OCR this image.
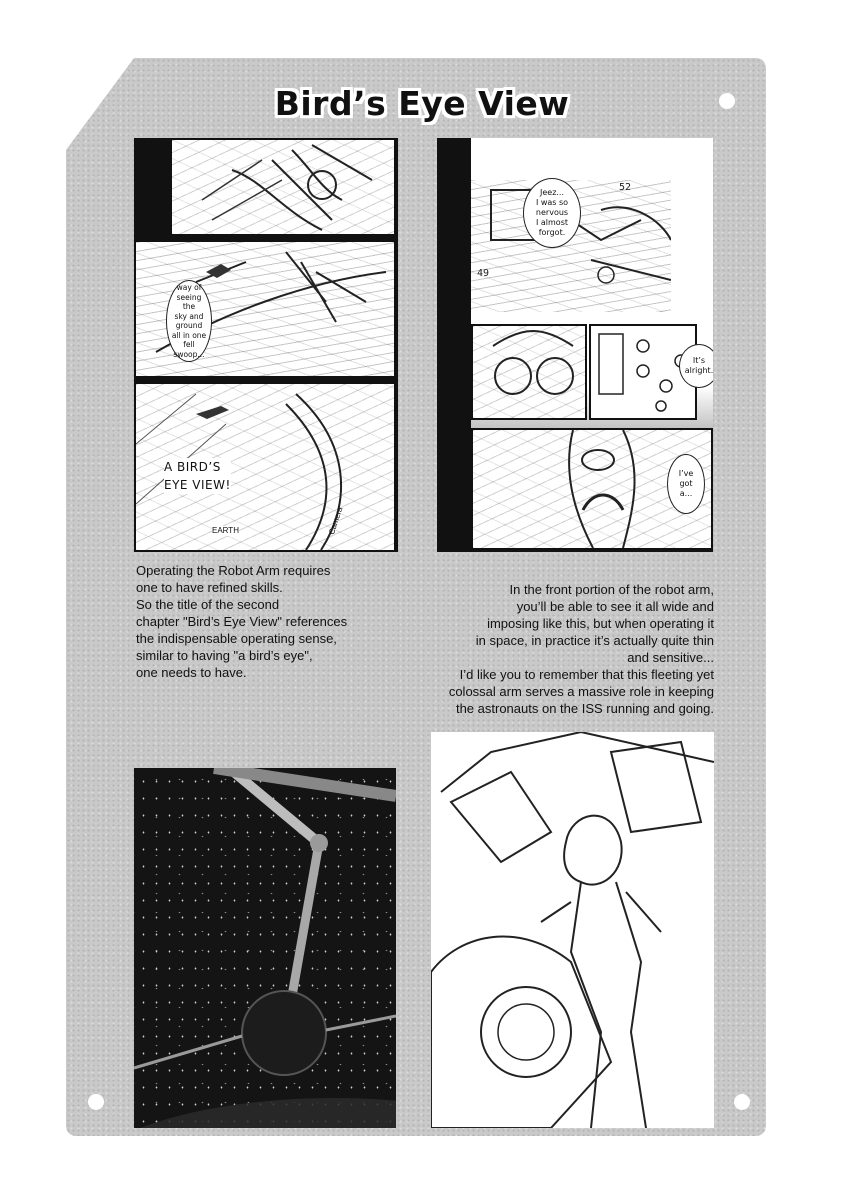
Bird’s Eye View
way of
seeing the
sky and
ground
all in one
fell
swoop...
A BIRD’S
EYE VIEW!
EARTH	Camera
52
49
Jeez...
I was so
nervous
I almost
forgot.
It’s
alright.
I’ve
got
a...
Operating the Robot Arm requires
one to have refined skills.
So the title of the second
chapter "Bird’s Eye View" references
the indispensable operating sense,
similar to having "a bird’s eye",
one needs to have.
In the front portion of the robot arm,
you’ll be able to see it all wide and
imposing like this, but when operating it
in space, in practice it’s actually quite thin
and sensitive...
I’d like you to remember that this fleeting yet
colossal arm serves a massive role in keeping
the astronauts on the ISS running and going.
